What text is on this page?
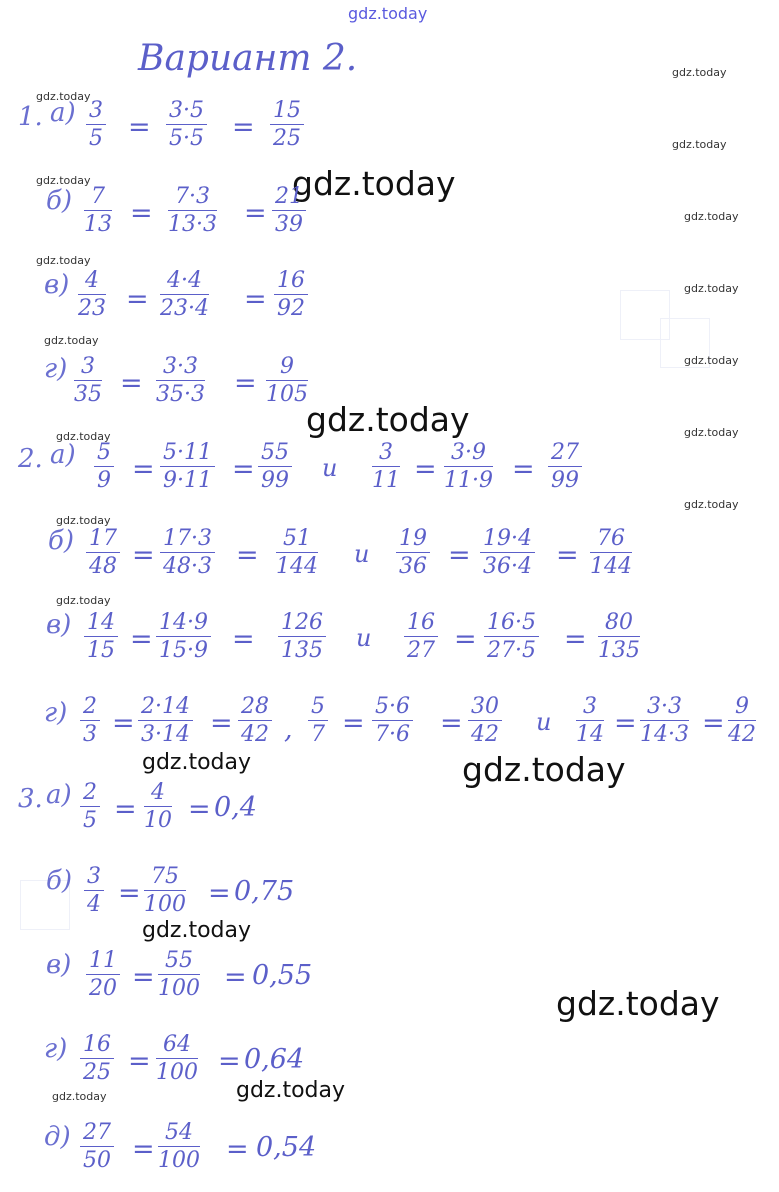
gdz.today
Вариант 2.	gdz.today
gdz.today
gdz.today
gdz.today
gdz.today
gdz.today
gdz.today
gdz.today
gdz.today
gdz.today
gdz.today
gdz.today
gdz.today
gdz.today
gdz.today
gdz.today
gdz.today
gdz.today
gdz.today
gdz.today
gdz.today
gdz.today
1. $а) \frac{3}{5}$ =
3·5
5·5 =
15
25
б) 7
13 =
7·3
13·3 =
21
39
в) 4
23 =
4·4
23·4 =
16
92
г) 3
35 =
3·3
35·3 =
9
105
2. а) 5
9 =
5·11
9·11 =
55
99 и
3
11 =
3·9
11·9 =
27
99
б) 17
48 =
17·3
48·3 =
51
144 и
19
36 =
19·4
36·4 =
76
144
в) 14
15 =
14·9
15·9 =
126
135 и
16
27 =
16·5
27·5 =
80
135
г) 2
3 =
2·14
3·14 =
28
42 ,
5
7 =
5·6
7·6 =
30
42 и
3
14 =
3·3
14·3 =
9
42
3. а) 2
5 =
4
10 = 0,4
б) 3
4 =
75
100 = 0,75
в) 11
20 =
55
100 = 0,55
г) 16
25 =
64
100 = 0,64
д) 27
50 =
54
100 = 0,54
